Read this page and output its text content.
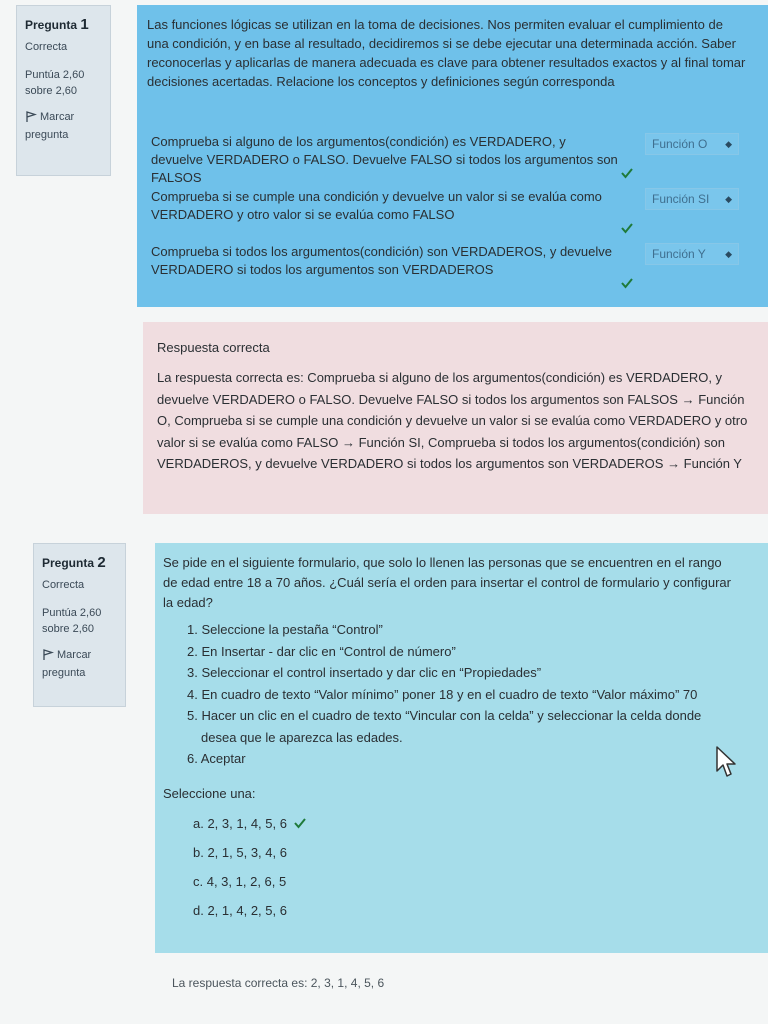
Pregunta 1
Correcta
Puntúa 2,60
sobre 2,60
Marcar
pregunta
Las funciones lógicas se utilizan en la toma de decisiones. Nos permiten evaluar el cumplimiento de una condición, y en base al resultado, decidiremos si se debe ejecutar una determinada acción. Saber reconocerlas y aplicarlas de manera adecuada es clave para obtener resultados exactos y al final tomar decisiones acertadas. Relacione los conceptos y definiciones según corresponda
Comprueba si alguno de los argumentos(condición) es VERDADERO, y devuelve VERDADERO o FALSO. Devuelve FALSO si todos los argumentos son FALSOS
Función O ◆
Comprueba si se cumple una condición y devuelve un valor si se evalúa como VERDADERO y otro valor si se evalúa como FALSO
Función SI ◆
Comprueba si todos los argumentos(condición) son VERDADEROS, y devuelve VERDADERO si todos los argumentos son VERDADEROS
Función Y ◆
Respuesta correcta
La respuesta correcta es: Comprueba si alguno de los argumentos(condición) es VERDADERO, y devuelve VERDADERO o FALSO. Devuelve FALSO si todos los argumentos son FALSOS → Función O, Comprueba si se cumple una condición y devuelve un valor si se evalúa como VERDADERO y otro valor si se evalúa como FALSO → Función SI, Comprueba si todos los argumentos(condición) son VERDADEROS, y devuelve VERDADERO si todos los argumentos son VERDADEROS → Función Y
Pregunta 2
Correcta
Puntúa 2,60
sobre 2,60
Marcar
pregunta
Se pide en el siguiente formulario, que solo lo llenen las personas que se encuentren en el rango de edad entre 18 a 70 años. ¿Cuál sería el orden para insertar el control de formulario y configurar la edad?
1. Seleccione la pestaña “Control”
2. En Insertar - dar clic en “Control de número”
3. Seleccionar el control insertado y dar clic en “Propiedades”
4. En cuadro de texto “Valor mínimo” poner 18 y en el cuadro de texto “Valor máximo” 70
5. Hacer un clic en el cuadro de texto “Vincular con la celda” y seleccionar la celda donde
desea que le aparezca las edades.
6. Aceptar
Seleccione una:
a. 2, 3, 1, 4, 5, 6
b. 2, 1, 5, 3, 4, 6
c. 4, 3, 1, 2, 6, 5
d. 2, 1, 4, 2, 5, 6
La respuesta correcta es: 2, 3, 1, 4, 5, 6
